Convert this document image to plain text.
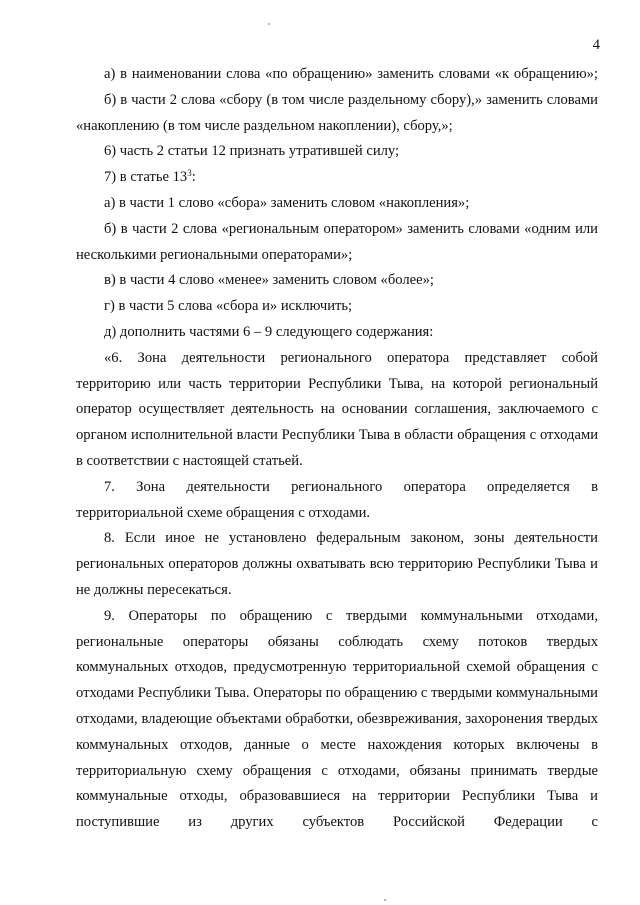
4

а) в наименовании слова «по обращению» заменить словами «к обращению»;

б) в части 2 слова «сбору (в том числе раздельному сбору),» заменить словами «накоплению (в том числе раздельном накоплении), сбору,»;

6) часть 2 статьи 12 признать утратившей силу;

7) в статье $13^3$:

а) в части 1 слово «сбора» заменить словом «накопления»;

б) в части 2 слова «региональным оператором» заменить словами «одним или несколькими региональными операторами»;

в) в части 4 слово «менее» заменить словом «более»;

г) в части 5 слова «сбора и» исключить;

д) дополнить частями 6 – 9 следующего содержания:

«6. Зона деятельности регионального оператора представляет собой территорию или часть территории Республики Тыва, на которой региональный оператор осуществляет деятельность на основании соглашения, заключаемого с органом исполнительной власти Республики Тыва в области обращения с отходами в соответствии с настоящей статьей.

7. Зона деятельности регионального оператора определяется в территориальной схеме обращения с отходами.

8. Если иное не установлено федеральным законом, зоны деятельности региональных операторов должны охватывать всю территорию Республики Тыва и не должны пересекаться.

9. Операторы по обращению с твердыми коммунальными отходами, региональные операторы обязаны соблюдать схему потоков твердых коммунальных отходов, предусмотренную территориальной схемой обращения с отходами Республики Тыва. Операторы по обращению с твердыми коммунальными отходами, владеющие объектами обработки, обезвреживания, захоронения твердых коммунальных отходов, данные о месте нахождения которых включены в территориальную схему обращения с отходами, обязаны принимать твердые коммунальные отходы, образовавшиеся на территории Республики Тыва и поступившие из других субъектов Российской Федерации с
